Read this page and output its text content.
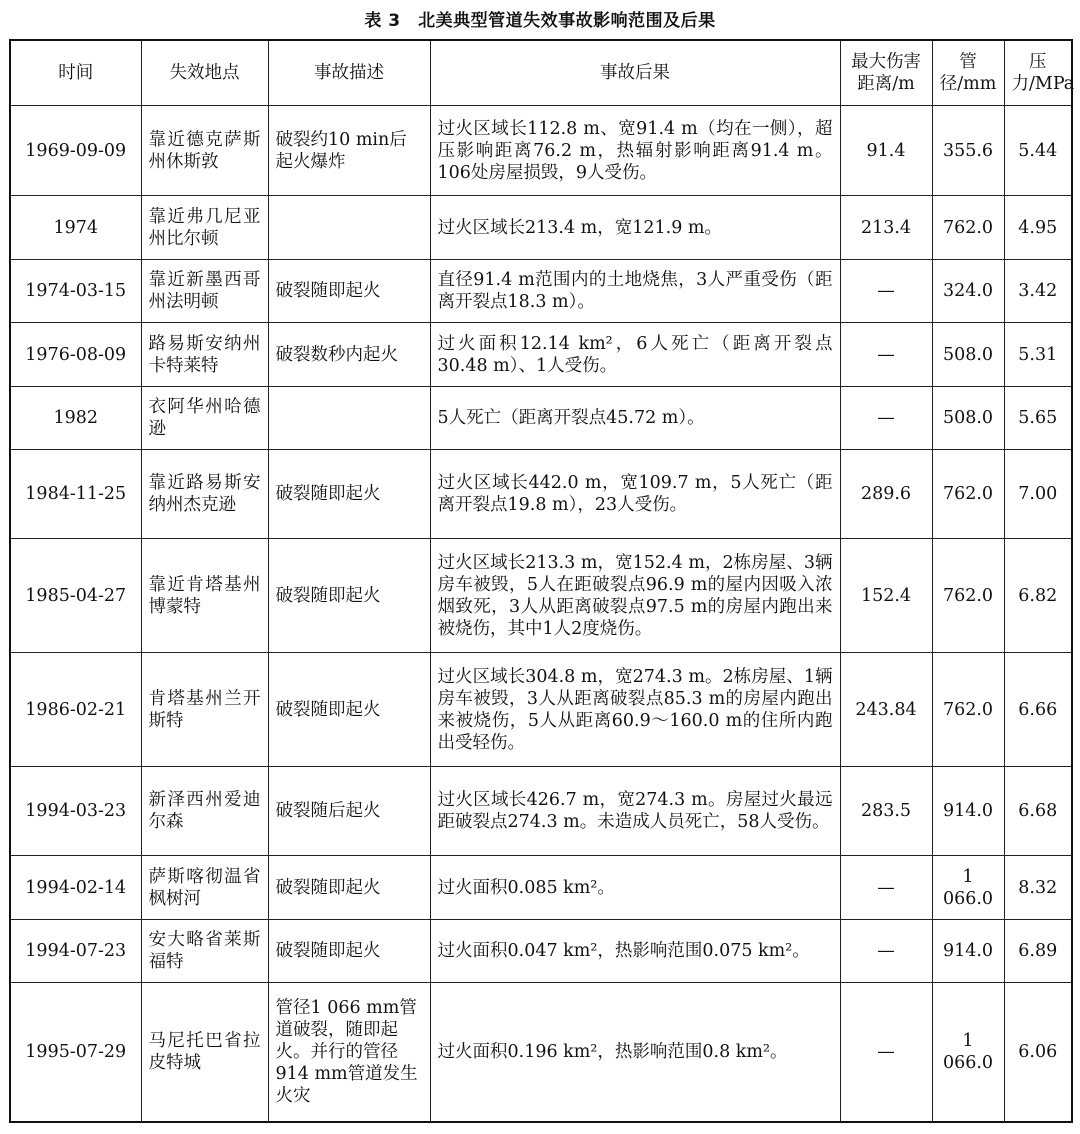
表 3　北美典型管道失效事故影响范围及后果
时间	失效地点	事故描述	事故后果	最大伤害距离/m	管径/mm	压力/MPa
1969-09-09	靠近德克萨斯州休斯敦	破裂约10 min后起火爆炸	过火区域长112.8 m、宽91.4 m（均在一侧），超压影响距离76.2 m，热辐射影响距离91.4 m。106处房屋损毁，9人受伤。	91.4	355.6	5.44
1974	靠近弗几尼亚州比尔顿		过火区域长213.4 m，宽121.9 m。	213.4	762.0	4.95
1974-03-15	靠近新墨西哥州法明顿	破裂随即起火	直径91.4 m范围内的土地烧焦，3人严重受伤（距离开裂点18.3 m）。	—	324.0	3.42
1976-08-09	路易斯安纳州卡特莱特	破裂数秒内起火	过火面积12.14 km²，6人死亡（距离开裂点30.48 m）、1人受伤。	—	508.0	5.31
1982	衣阿华州哈德逊		5人死亡（距离开裂点45.72 m）。	—	508.0	5.65
1984-11-25	靠近路易斯安纳州杰克逊	破裂随即起火	过火区域长442.0 m，宽109.7 m，5人死亡（距离开裂点19.8 m），23人受伤。	289.6	762.0	7.00
1985-04-27	靠近肯塔基州博蒙特	破裂随即起火	过火区域长213.3 m，宽152.4 m，2栋房屋、3辆房车被毁，5人在距破裂点96.9 m的屋内因吸入浓烟致死，3人从距离破裂点97.5 m的房屋内跑出来被烧伤，其中1人2度烧伤。	152.4	762.0	6.82
1986-02-21	肯塔基州兰开斯特	破裂随即起火	过火区域长304.8 m，宽274.3 m。2栋房屋、1辆房车被毁，3人从距离破裂点85.3 m的房屋内跑出来被烧伤，5人从距离60.9～160.0 m的住所内跑出受轻伤。	243.84	762.0	6.66
1994-03-23	新泽西州爱迪尔森	破裂随后起火	过火区域长426.7 m，宽274.3 m。房屋过火最远距破裂点274.3 m。未造成人员死亡，58人受伤。	283.5	914.0	6.68
1994-02-14	萨斯喀彻温省枫树河	破裂随即起火	过火面积0.085 km²。	—	1 066.0	8.32
1994-07-23	安大略省莱斯福特	破裂随即起火	过火面积0.047 km²，热影响范围0.075 km²。	—	914.0	6.89
1995-07-29	马尼托巴省拉皮特城	管径1 066 mm管道破裂，随即起火。并行的管径914 mm管道发生火灾	过火面积0.196 km²，热影响范围0.8 km²。	—	1 066.0	6.06
